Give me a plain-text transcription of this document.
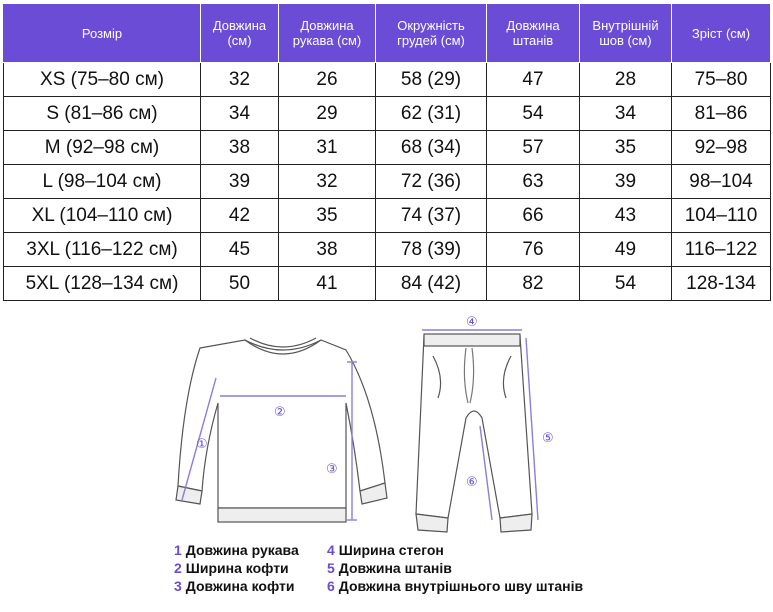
Розмір	Довжина (см)	Довжина рукава (см)	Окружність грудей (см)	Довжина штанів	Внутрішній шов (см)	Зріст (см)
XS (75–80 см)	32	26	58 (29)	47	28	75–80
S (81–86 см)	34	29	62 (31)	54	34	81–86
M (92–98 см)	38	31	68 (34)	57	35	92–98
L (98–104 см)	39	32	72 (36)	63	39	98–104
XL (104–110 см)	42	35	74 (37)	66	43	104–110
3XL (116–122 см)	45	38	78 (39)	76	49	116–122
5XL (128–134 см)	50	41	84 (42)	82	54	128-134
①
②
③
④
⑤
⑥
1 Довжина рукава
2 Ширина кофти
3 Довжина кофти
4 Ширина стегон
5 Довжина штанів
6 Довжина внутрішнього шву штанів
